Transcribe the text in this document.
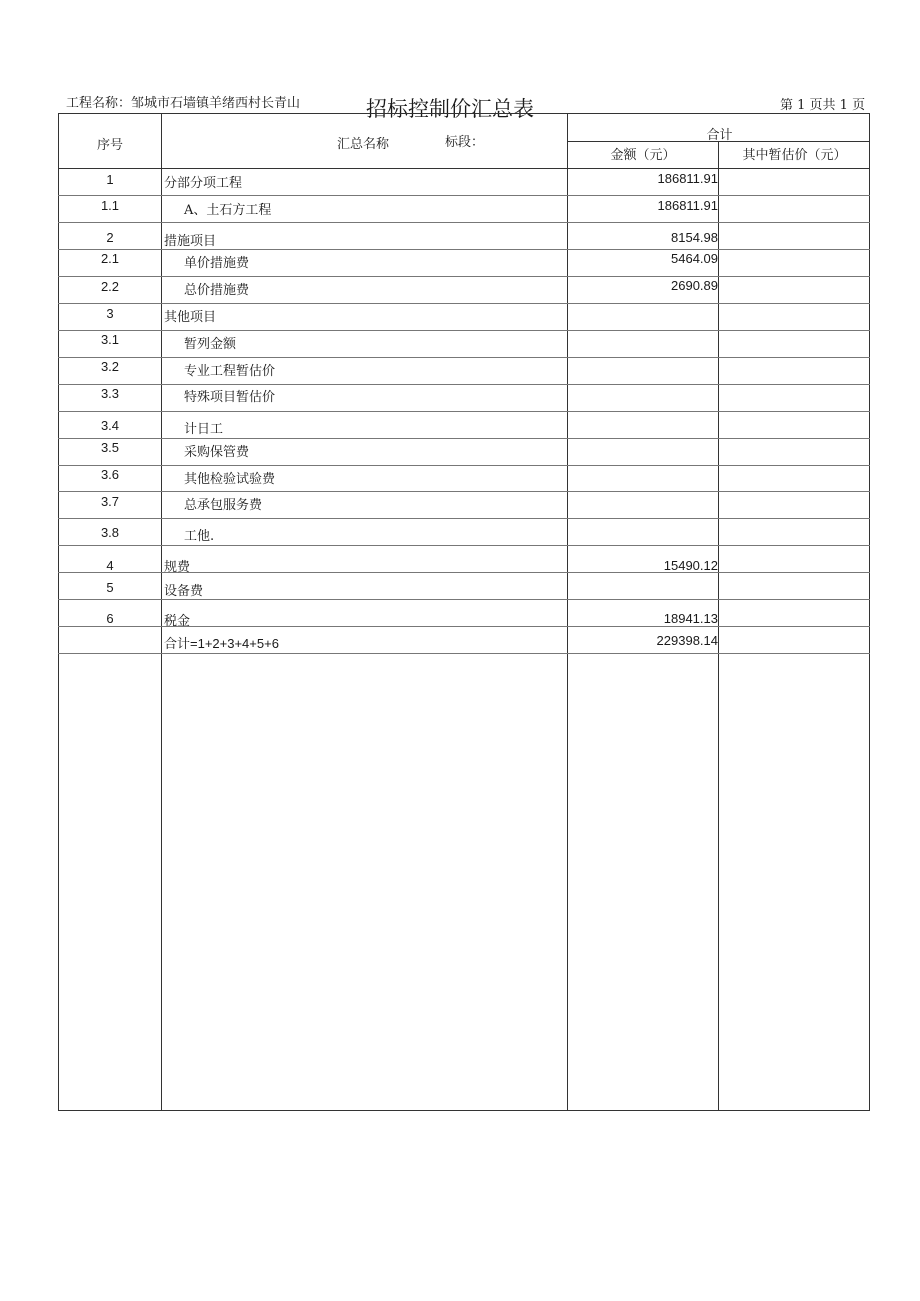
工程名称：邹城市石墙镇羊绪西村长青山	招标控制价汇总表	第 1 页共 1 页
序号	汇总名称	标段：	合计
金额（元）	其中暂估价（元）
1	分部分项工程	186811.91
1.1	A、土石方工程	186811.91
2	措施项目	8154.98
2.1	单价措施费	5464.09
2.2	总价措施费	2690.89
3	其他项目
3.1	暂列金额
3.2	专业工程暂估价
3.3	特殊项目暂估价
3.4	计日工
3.5	采购保管费
3.6	其他检验试验费
3.7	总承包服务费
3.8	工他.
4	规费	15490.12
5	设备费
6	税金	18941.13
合计=1+2+3+4+5+6	229398.14
